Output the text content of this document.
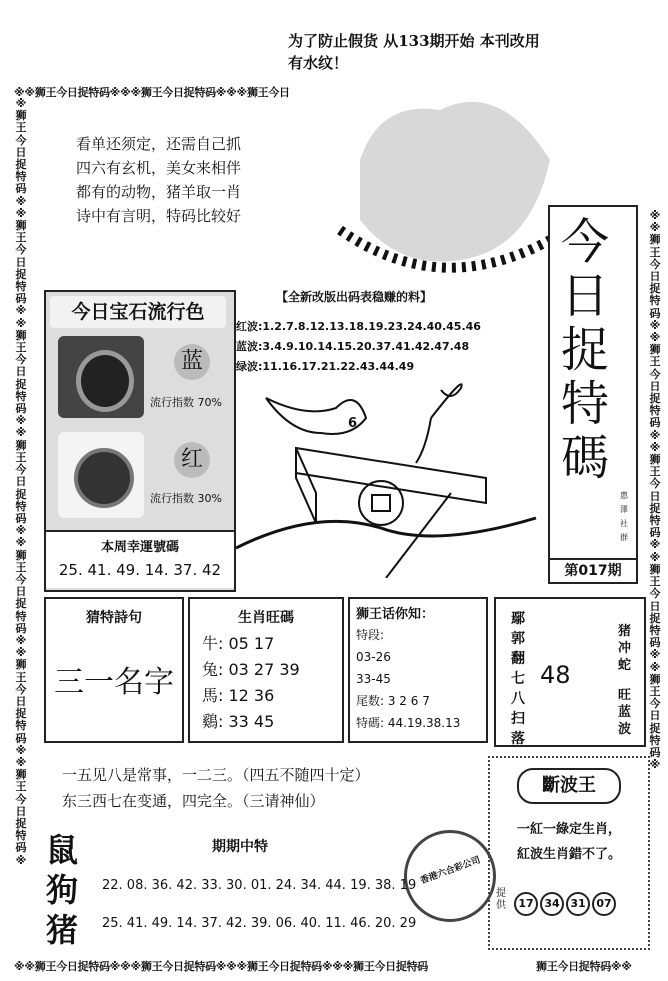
为了防止假货 从133期开始 本刊改用
有水纹！
※※狮王今日捉特码※※※狮王今日捉特码※※※狮王今日
※※狮王今日捉特码※※※狮王今日捉特码※※※狮王今日捉特码※※※狮王今日捉特码	狮王今日捉特码※※
※狮王今日捉特码※※狮王今日捉特码※※狮王今日捉特码※※狮王今日捉特码※※狮王今日捉特码※※狮王今日捉特码※※狮王今日捉特码※
※※狮王今日捉特码※※狮王今日捉特码※※狮王今日捉特码※※狮王今日捉特码※※狮王今日捉特码※
看单还须定，还需自己抓
四六有玄机，美女来相伴
都有的动物，猪羊取一肖
诗中有言明，特码比较好	今日捉特碼
惠澤社群
第017期
今日宝石流行色
蓝
流行指数 70%
红
流行指数 30%
本周幸運號碼
25. 41. 49. 14. 37. 42
【全新改版出码表稳赚的料】
红波:1.2.7.8.12.13.18.19.23.24.40.45.46
蓝波:3.4.9.10.14.15.20.37.41.42.47.48
绿波:11.16.17.21.22.43.44.49
6
猜特詩句
三一名字
生肖旺碼
牛: 05 17
兔: 03 27 39
馬: 12 36
鷄: 33 45
狮王话你知：
特段:
03-26
33-45
尾数: 3 2 6 7
特碼: 44.19.38.13
鄢
郭
翻
七
八
扫
落
48
猪冲蛇
旺蓝波
一五见八是常事，一二三。（四五不随四十定）
东三西七在变通，四完全。（三请神仙）
斷波王
一紅一綠定生肖，
紅波生肖錯不了。
提供	17 34 31 07
香港六合彩公司
鼠
狗
猪
期期中特
22. 08. 36. 42. 33. 30. 01. 24. 34. 44. 19. 38. 19
25. 41. 49. 14. 37. 42. 39. 06. 40. 11. 46. 20. 29
